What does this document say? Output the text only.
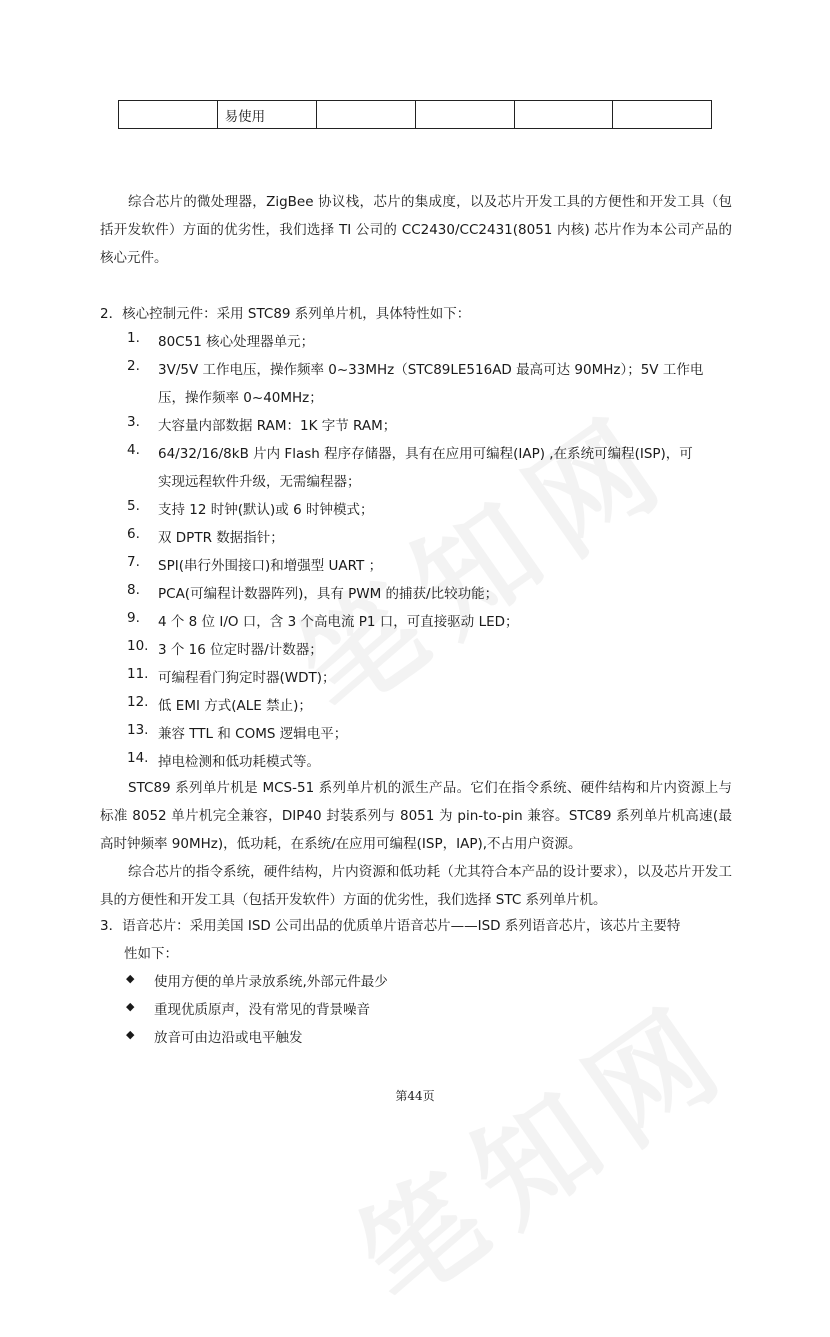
	易使用				
综合芯片的微处理器，ZigBee 协议栈，芯片的集成度，以及芯片开发工具的方便性和开发工具（包括开发软件）方面的优劣性，我们选择 TI 公司的 CC2430/CC2431(8051 内核) 芯片作为本公司产品的核心元件。
2．核心控制元件：采用 STC89 系列单片机，具体特性如下：
1. 80C51 核心处理器单元；
2. 3V/5V 工作电压，操作频率 0~33MHz（STC89LE516AD 最高可达 90MHz）；5V 工作电
压，操作频率 0~40MHz；
3. 大容量内部数据 RAM：1K 字节 RAM；
4. 64/32/16/8kB 片内 Flash 程序存储器，具有在应用可编程(IAP) ,在系统可编程(ISP)，可
实现远程软件升级，无需编程器；
5. 支持 12 时钟(默认)或 6 时钟模式；
6. 双 DPTR 数据指针；
7. SPI(串行外围接口)和增强型 UART ；
8. PCA(可编程计数器阵列)，具有 PWM 的捕获/比较功能；
9. 4 个 8 位 I/O 口，含 3 个高电流 P1 口，可直接驱动 LED；
10. 3 个 16 位定时器/计数器；
11. 可编程看门狗定时器(WDT)；
12. 低 EMI 方式(ALE 禁止)；
13. 兼容 TTL 和 COMS 逻辑电平；
14. 掉电检测和低功耗模式等。
STC89 系列单片机是 MCS-51 系列单片机的派生产品。它们在指令系统、硬件结构和片内资源上与标准 8052 单片机完全兼容，DIP40 封装系列与 8051 为 pin-to-pin 兼容。STC89 系列单片机高速(最高时钟频率 90MHz)，低功耗，在系统/在应用可编程(ISP，IAP),不占用户资源。
综合芯片的指令系统，硬件结构，片内资源和低功耗（尤其符合本产品的设计要求），以及芯片开发工具的方便性和开发工具（包括开发软件）方面的优劣性，我们选择 STC 系列单片机。
3．语音芯片：采用美国 ISD 公司出品的优质单片语音芯片——ISD 系列语音芯片，该芯片主要特
性如下：
◆ 使用方便的单片录放系统,外部元件最少
◆ 重现优质原声，没有常见的背景噪音
◆ 放音可由边沿或电平触发
第44页
